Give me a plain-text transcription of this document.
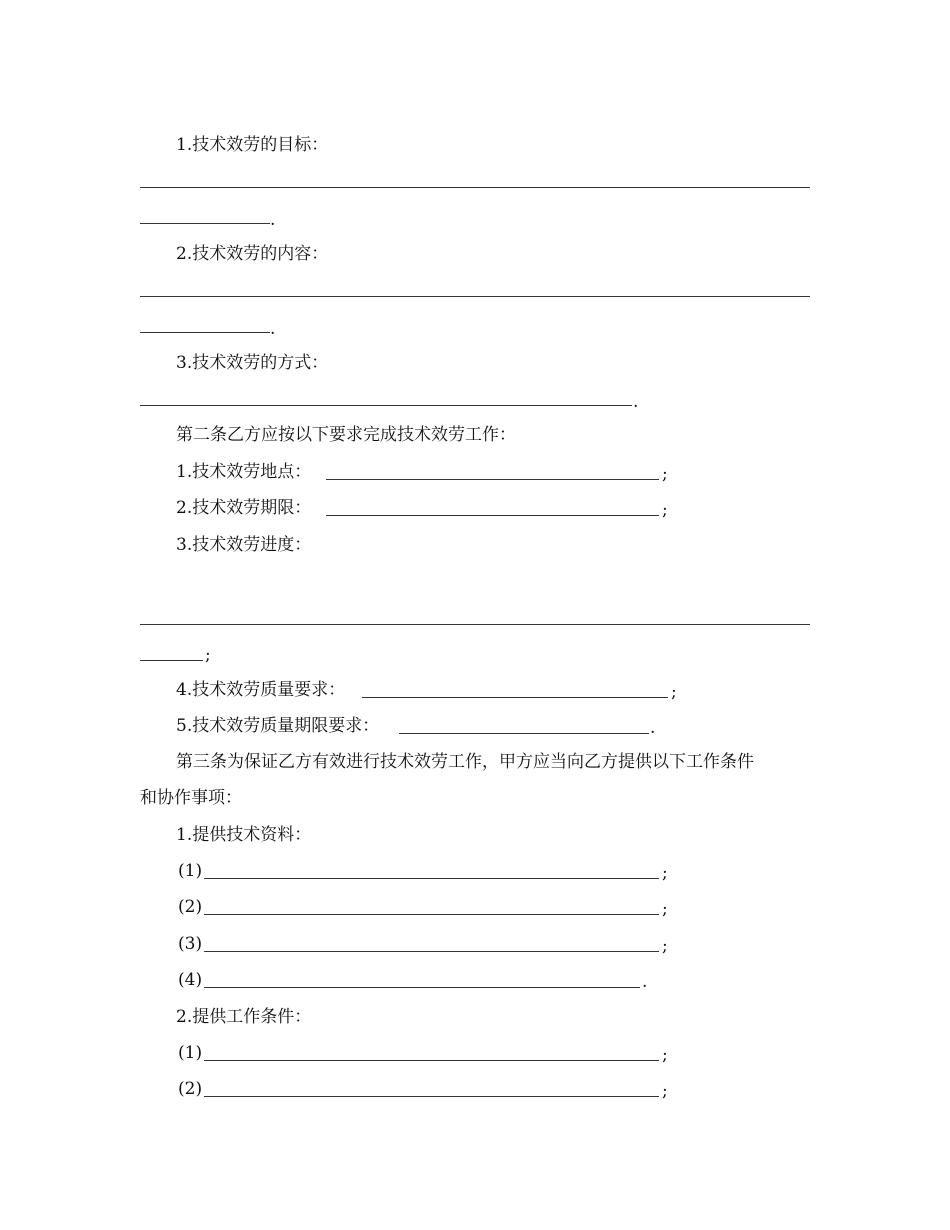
1.技术效劳的目标：
.
2.技术效劳的内容：
.
3.技术效劳的方式：
.
第二条乙方应按以下要求完成技术效劳工作：
1.技术效劳地点：	;
2.技术效劳期限：	;
3.技术效劳进度：
;
4.技术效劳质量要求：	;
5.技术效劳质量期限要求：	.
第三条为保证乙方有效进行技术效劳工作，甲方应当向乙方提供以下工作条件
和协作事项：
1.提供技术资料：
(1)	;
(2)	;
(3)	;
(4)	.
2.提供工作条件：
(1)	;
(2)	;
